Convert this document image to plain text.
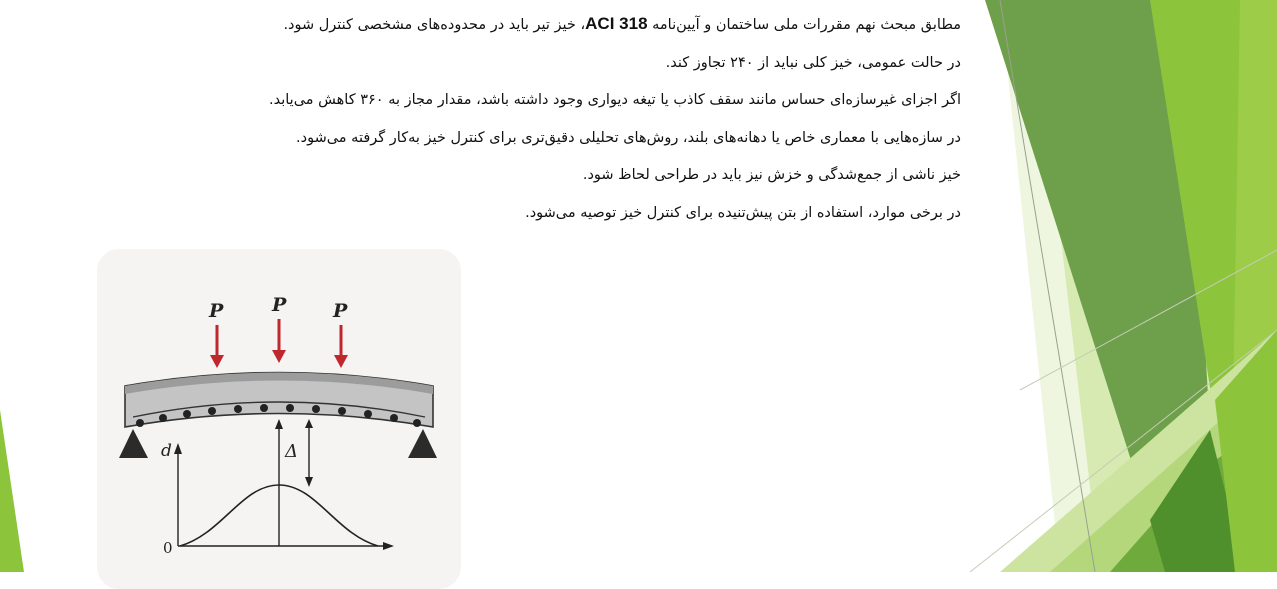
مطابق مبحث نهم مقررات ملی ساختمان و آیین‌نامه ACI 318، خیز تیر باید در محدوده‌های مشخصی کنترل شود.

در حالت عمومی، خیز کلی نباید از ۲۴۰ تجاوز کند.

اگر اجزای غیرسازه‌ای حساس مانند سقف کاذب یا تیغه دیواری وجود داشته باشد، مقدار مجاز به ۳۶۰ کاهش می‌یابد.

در سازه‌هایی با معماری خاص یا دهانه‌های بلند، روش‌های تحلیلی دقیق‌تری برای کنترل خیز به‌کار گرفته می‌شود.

خیز ناشی از جمع‌شدگی و خزش نیز باید در طراحی لحاظ شود.

در برخی موارد، استفاده از بتن پیش‌تنیده برای کنترل خیز توصیه می‌شود.

P	P P
Δ
d
0
